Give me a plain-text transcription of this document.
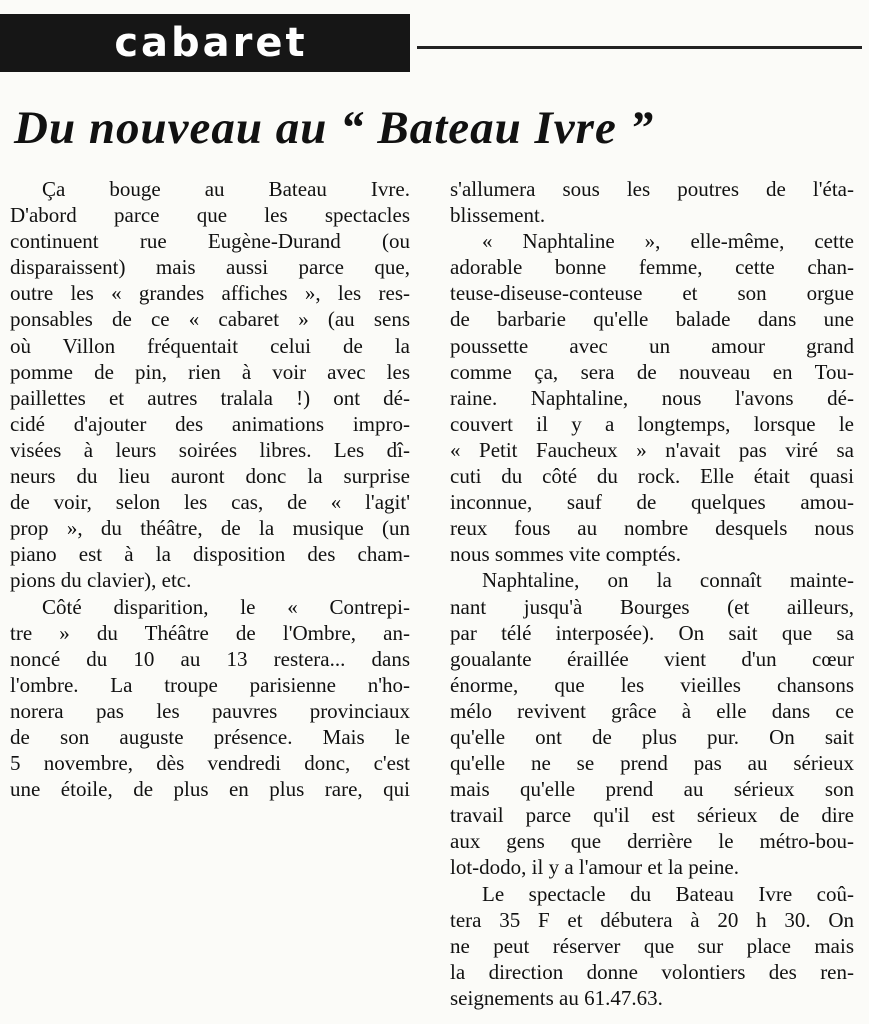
cabaret
Du nouveau au “ Bateau Ivre ”
Ça bouge au Bateau Ivre.
D'abord parce que les spectacles
continuent rue Eugène-Durand (ou
disparaissent) mais aussi parce que,
outre les « grandes affiches », les res-
ponsables de ce « cabaret » (au sens
où Villon fréquentait celui de la
pomme de pin, rien à voir avec les
paillettes et autres tralala !) ont dé-
cidé d'ajouter des animations impro-
visées à leurs soirées libres. Les dî-
neurs du lieu auront donc la surprise
de voir, selon les cas, de « l'agit'
prop », du théâtre, de la musique (un
piano est à la disposition des cham-
pions du clavier), etc.
Côté disparition, le « Contrepi-
tre » du Théâtre de l'Ombre, an-
noncé du 10 au 13 restera... dans
l'ombre. La troupe parisienne n'ho-
norera pas les pauvres provinciaux
de son auguste présence. Mais le
5 novembre, dès vendredi donc, c'est
une étoile, de plus en plus rare, qui
s'allumera sous les poutres de l'éta-
blissement.
« Naphtaline », elle-même, cette
adorable bonne femme, cette chan-
teuse-diseuse-conteuse et son orgue
de barbarie qu'elle balade dans une
poussette avec un amour grand
comme ça, sera de nouveau en Tou-
raine. Naphtaline, nous l'avons dé-
couvert il y a longtemps, lorsque le
« Petit Faucheux » n'avait pas viré sa
cuti du côté du rock. Elle était quasi
inconnue, sauf de quelques amou-
reux fous au nombre desquels nous
nous sommes vite comptés.
Naphtaline, on la connaît mainte-
nant jusqu'à Bourges (et ailleurs,
par télé interposée). On sait que sa
goualante éraillée vient d'un cœur
énorme, que les vieilles chansons
mélo revivent grâce à elle dans ce
qu'elle ont de plus pur. On sait
qu'elle ne se prend pas au sérieux
mais qu'elle prend au sérieux son
travail parce qu'il est sérieux de dire
aux gens que derrière le métro-bou-
lot-dodo, il y a l'amour et la peine.
Le spectacle du Bateau Ivre coû-
tera 35 F et débutera à 20 h 30. On
ne peut réserver que sur place mais
la direction donne volontiers des ren-
seignements au 61.47.63.
